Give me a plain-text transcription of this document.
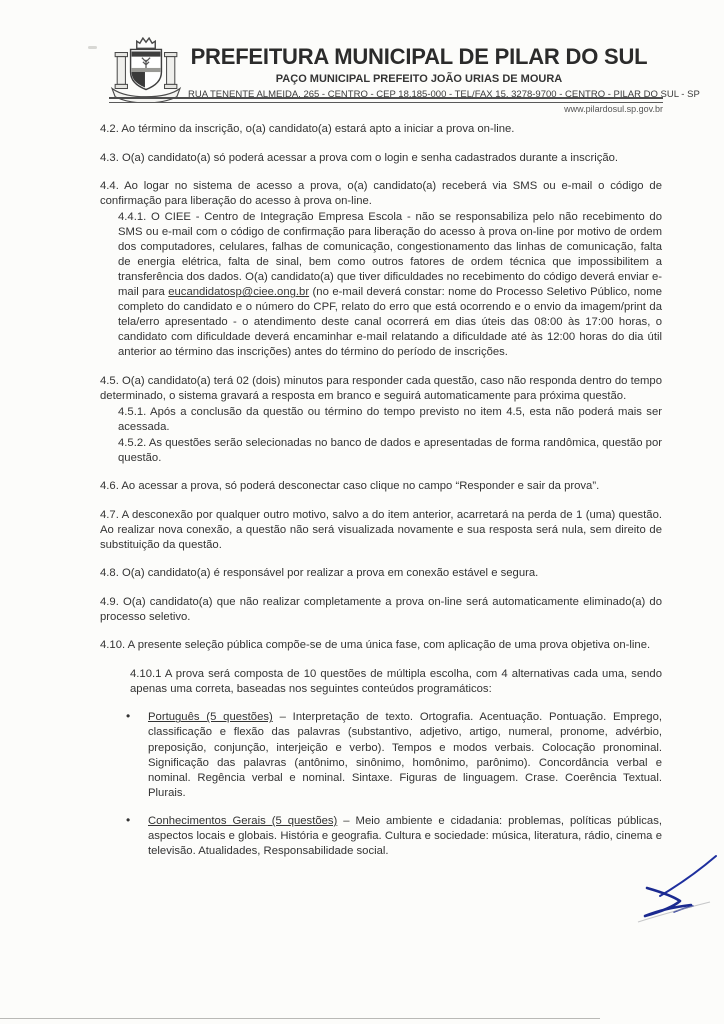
PREFEITURA MUNICIPAL DE PILAR DO SUL
PAÇO MUNICIPAL PREFEITO JOÃO URIAS DE MOURA
RUA TENENTE ALMEIDA, 265 - CENTRO - CEP 18.185-000 - TEL/FAX 15. 3278-9700 - CENTRO - PILAR DO SUL - SP
www.pilardosul.sp.gov.br

4.2. Ao término da inscrição, o(a) candidato(a) estará apto a iniciar a prova on-line.

4.3. O(a) candidato(a) só poderá acessar a prova com o login e senha cadastrados durante a inscrição.

4.4. Ao logar no sistema de acesso a prova, o(a) candidato(a) receberá via SMS ou e-mail o código de confirmação para liberação do acesso à prova on-line.

4.4.1. O CIEE - Centro de Integração Empresa Escola - não se responsabiliza pelo não recebimento do SMS ou e-mail com o código de confirmação para liberação do acesso à prova on-line por motivo de ordem dos computadores, celulares, falhas de comunicação, congestionamento das linhas de comunicação, falta de energia elétrica, falta de sinal, bem como outros fatores de ordem técnica que impossibilitem a transferência dos dados. O(a) candidato(a) que tiver dificuldades no recebimento do código deverá enviar e-mail para eucandidatosp@ciee.ong.br (no e-mail deverá constar: nome do Processo Seletivo Público, nome completo do candidato e o número do CPF, relato do erro que está ocorrendo e o envio da imagem/print da tela/erro apresentado - o atendimento deste canal ocorrerá em dias úteis das 08:00 às 17:00 horas, o candidato com dificuldade deverá encaminhar e-mail relatando a dificuldade até às 12:00 horas do dia útil anterior ao término das inscrições) antes do término do período de inscrições.

4.5. O(a) candidato(a) terá 02 (dois) minutos para responder cada questão, caso não responda dentro do tempo determinado, o sistema gravará a resposta em branco e seguirá automaticamente para próxima questão.

4.5.1. Após a conclusão da questão ou término do tempo previsto no item 4.5, esta não poderá mais ser acessada.

4.5.2. As questões serão selecionadas no banco de dados e apresentadas de forma randômica, questão por questão.

4.6. Ao acessar a prova, só poderá desconectar caso clique no campo “Responder e sair da prova”.

4.7. A desconexão por qualquer outro motivo, salvo a do item anterior, acarretará na perda de 1 (uma) questão. Ao realizar nova conexão, a questão não será visualizada novamente e sua resposta será nula, sem direito de substituição da questão.

4.8. O(a) candidato(a) é responsável por realizar a prova em conexão estável e segura.

4.9. O(a) candidato(a) que não realizar completamente a prova on-line será automaticamente eliminado(a) do processo seletivo.

4.10. A presente seleção pública compõe-se de uma única fase, com aplicação de uma prova objetiva on-line.

4.10.1 A prova será composta de 10 questões de múltipla escolha, com 4 alternativas cada uma, sendo apenas uma correta, baseadas nos seguintes conteúdos programáticos:

• Português (5 questões) – Interpretação de texto. Ortografia. Acentuação. Pontuação. Emprego, classificação e flexão das palavras (substantivo, adjetivo, artigo, numeral, pronome, advérbio, preposição, conjunção, interjeição e verbo). Tempos e modos verbais. Colocação pronominal. Significação das palavras (antônimo, sinônimo, homônimo, parônimo). Concordância verbal e nominal. Regência verbal e nominal. Sintaxe. Figuras de linguagem. Crase. Coerência Textual. Plurais.
• Conhecimentos Gerais (5 questões) – Meio ambiente e cidadania: problemas, políticas públicas, aspectos locais e globais. História e geografia. Cultura e sociedade: música, literatura, rádio, cinema e televisão. Atualidades, Responsabilidade social.
